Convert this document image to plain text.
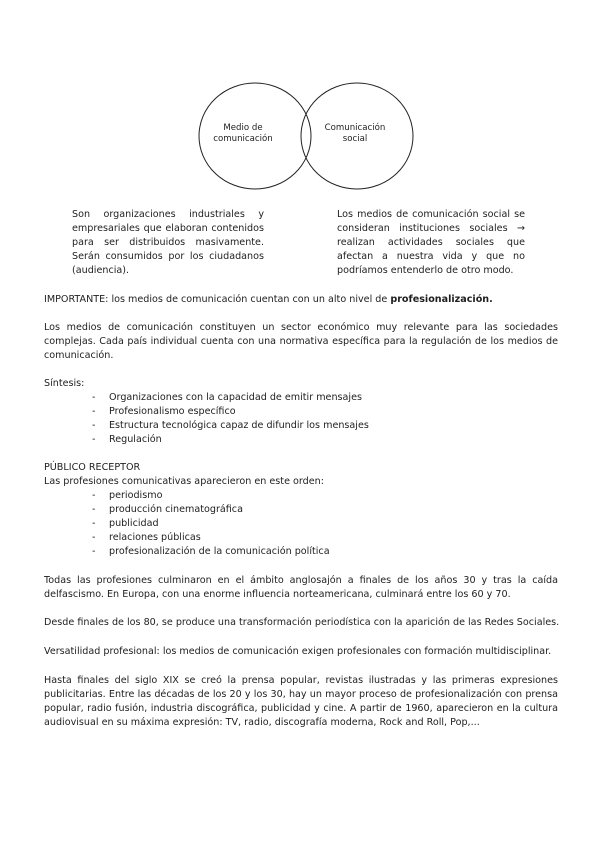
Medio de
comunicación
Comunicación
social

Son organizaciones industriales y empresariales que elaboran contenidos para ser distribuidos masivamente. Serán consumidos por los ciudadanos (audiencia).

Los medios de comunicación social se consideran instituciones sociales → realizan actividades sociales que afectan a nuestra vida y que no podríamos entenderlo de otro modo.

IMPORTANTE: los medios de comunicación cuentan con un alto nivel de profesionalización.

Los medios de comunicación constituyen un sector económico muy relevante para las sociedades complejas. Cada país individual cuenta con una normativa específica para la regulación de los medios de comunicación.

Síntesis:

- Organizaciones con la capacidad de emitir mensajes
- Profesionalismo específico
- Estructura tecnológica capaz de difundir los mensajes
- Regulación

PÚBLICO RECEPTOR

Las profesiones comunicativas aparecieron en este orden:

- periodismo
- producción cinematográfica
- publicidad
- relaciones públicas
- profesionalización de la comunicación política

Todas las profesiones culminaron en el ámbito anglosajón a finales de los años 30 y tras la caída delfascismo. En Europa, con una enorme influencia norteamericana, culminará entre los 60 y 70.

Desde finales de los 80, se produce una transformación periodística con la aparición de las Redes Sociales.

Versatilidad profesional: los medios de comunicación exigen profesionales con formación multidisciplinar.

Hasta finales del siglo XIX se creó la prensa popular, revistas ilustradas y las primeras expresiones publicitarias. Entre las décadas de los 20 y los 30, hay un mayor proceso de profesionalización con prensa popular, radio fusión, industria discográfica, publicidad y cine. A partir de 1960, aparecieron en la cultura audiovisual en su máxima expresión: TV, radio, discografía moderna, Rock and Roll, Pop,...
